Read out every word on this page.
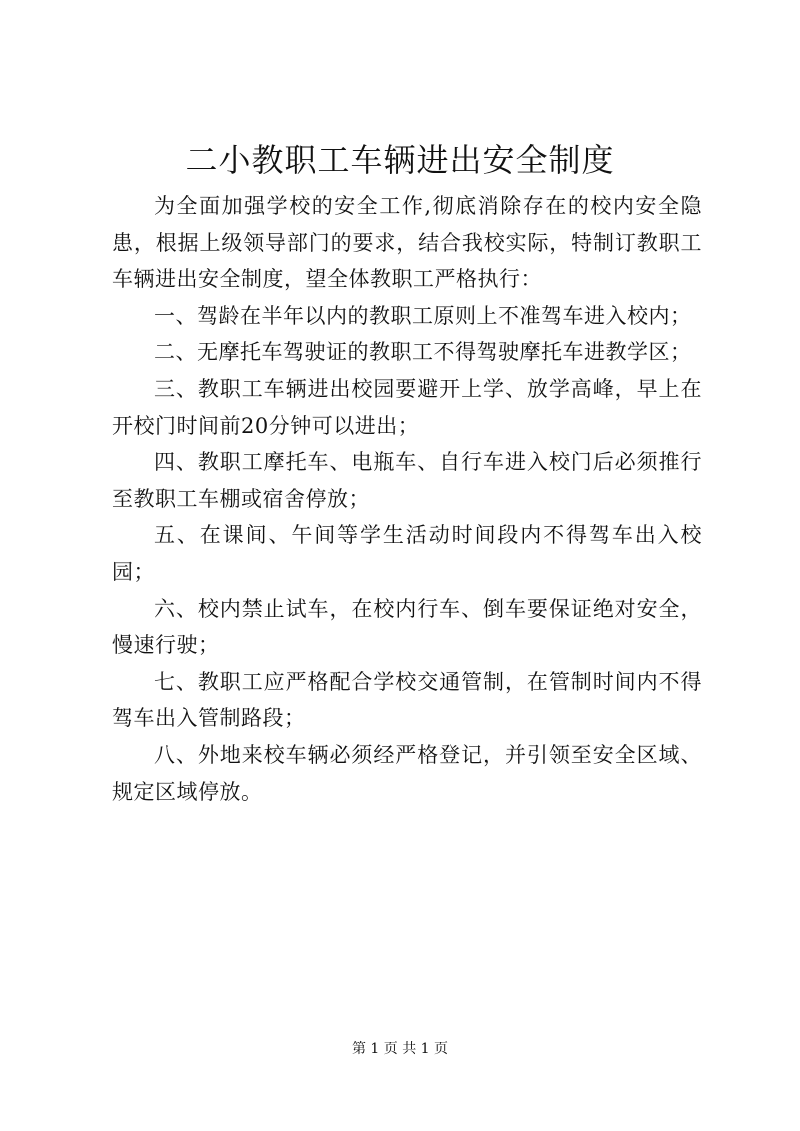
二小教职工车辆进出安全制度

为全面加强学校的安全工作,彻底消除存在的校内安全隐患，根据上级领导部门的要求，结合我校实际，特制订教职工车辆进出安全制度，望全体教职工严格执行：

一、驾龄在半年以内的教职工原则上不准驾车进入校内；

二、无摩托车驾驶证的教职工不得驾驶摩托车进教学区；

三、教职工车辆进出校园要避开上学、放学高峰，早上在开校门时间前20分钟可以进出；

四、教职工摩托车、电瓶车、自行车进入校门后必须推行至教职工车棚或宿舍停放；

五、在课间、午间等学生活动时间段内不得驾车出入校园；

六、校内禁止试车，在校内行车、倒车要保证绝对安全，慢速行驶；

七、教职工应严格配合学校交通管制，在管制时间内不得驾车出入管制路段；

八、外地来校车辆必须经严格登记，并引领至安全区域、规定区域停放。

第 1 页 共 1 页
